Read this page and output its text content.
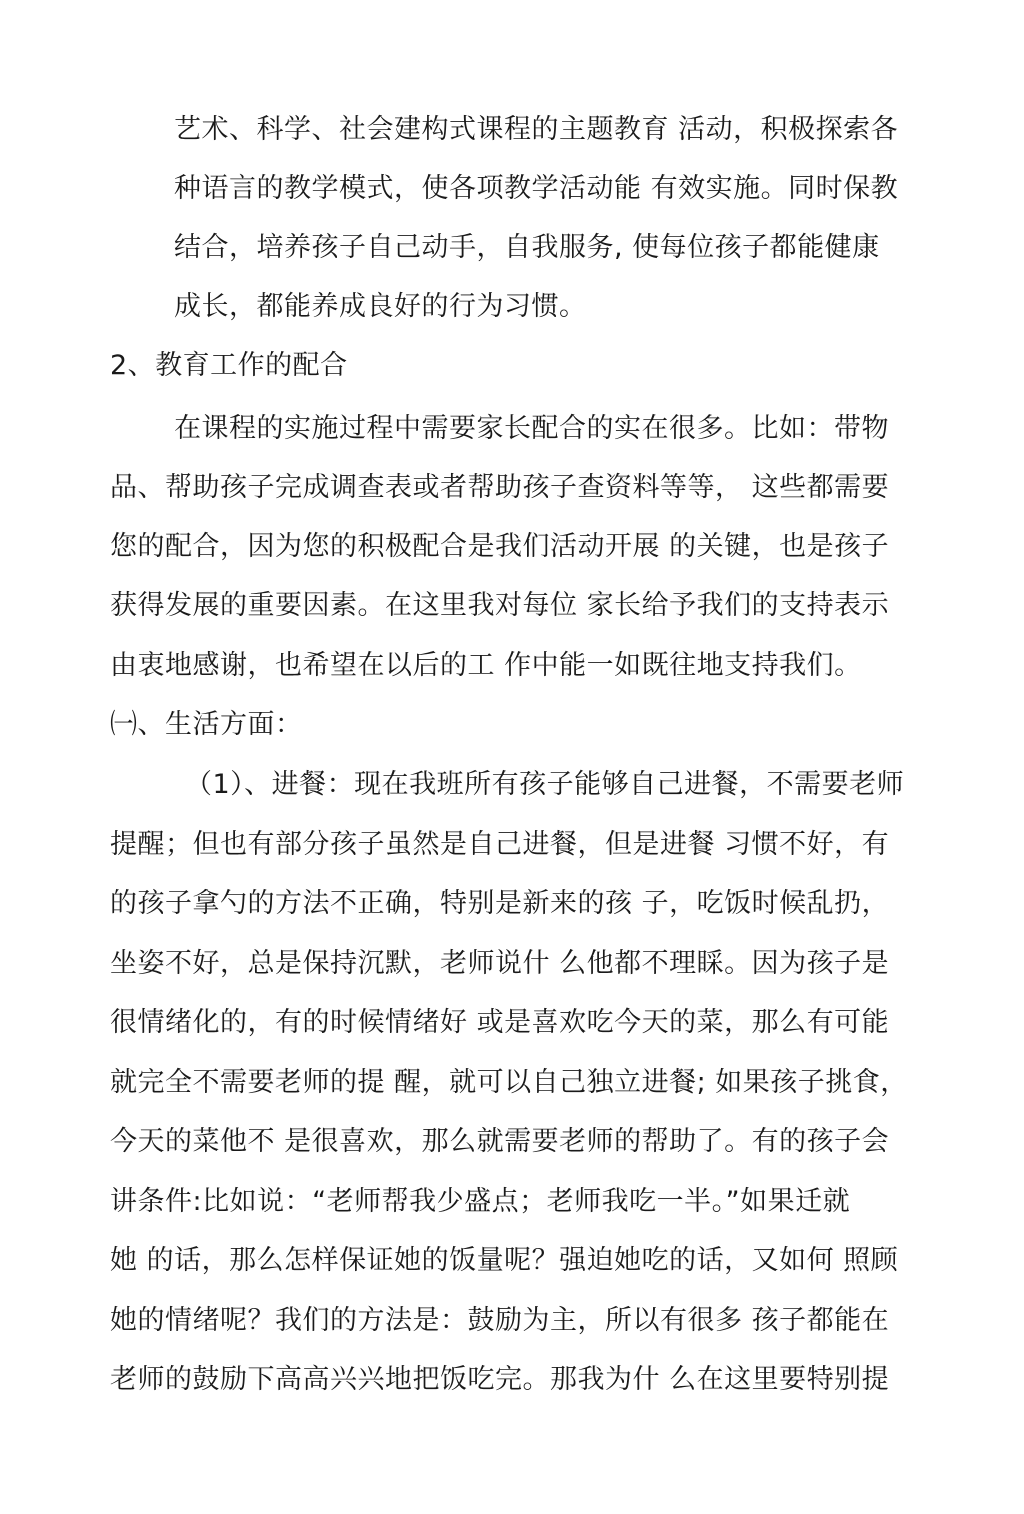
艺术、科学、社会建构式课程的主题教育 活动，积极探索各
种语言的教学模式，使各项教学活动能 有效实施。同时保教
结合，培养孩子自己动手，自我服务, 使每位孩子都能健康
成长，都能养成良好的行为习惯。
2、教育工作的配合
在课程的实施过程中需要家长配合的实在很多。比如：带物
品、帮助孩子完成调查表或者帮助孩子查资料等等， 这些都需要
您的配合，因为您的积极配合是我们活动开展 的关键，也是孩子
获得发展的重要因素。在这里我对每位 家长给予我们的支持表示
由衷地感谢，也希望在以后的工 作中能一如既往地支持我们。
㈠、生活方面：
（1）、进餐：现在我班所有孩子能够自己进餐，不需要老师
提醒；但也有部分孩子虽然是自己进餐，但是进餐 习惯不好，有
的孩子拿勺的方法不正确，特别是新来的孩 子，吃饭时候乱扔，
坐姿不好，总是保持沉默，老师说什 么他都不理睬。因为孩子是
很情绪化的，有的时候情绪好 或是喜欢吃今天的菜，那么有可能
就完全不需要老师的提 醒，就可以自己独立进餐; 如果孩子挑食，
今天的菜他不 是很喜欢，那么就需要老师的帮助了。有的孩子会
讲条件:比如说：“老师帮我少盛点；老师我吃一半。”如果迁就
她 的话，那么怎样保证她的饭量呢？强迫她吃的话，又如何 照顾
她的情绪呢？我们的方法是：鼓励为主，所以有很多 孩子都能在
老师的鼓励下高高兴兴地把饭吃完。那我为什 么在这里要特别提
